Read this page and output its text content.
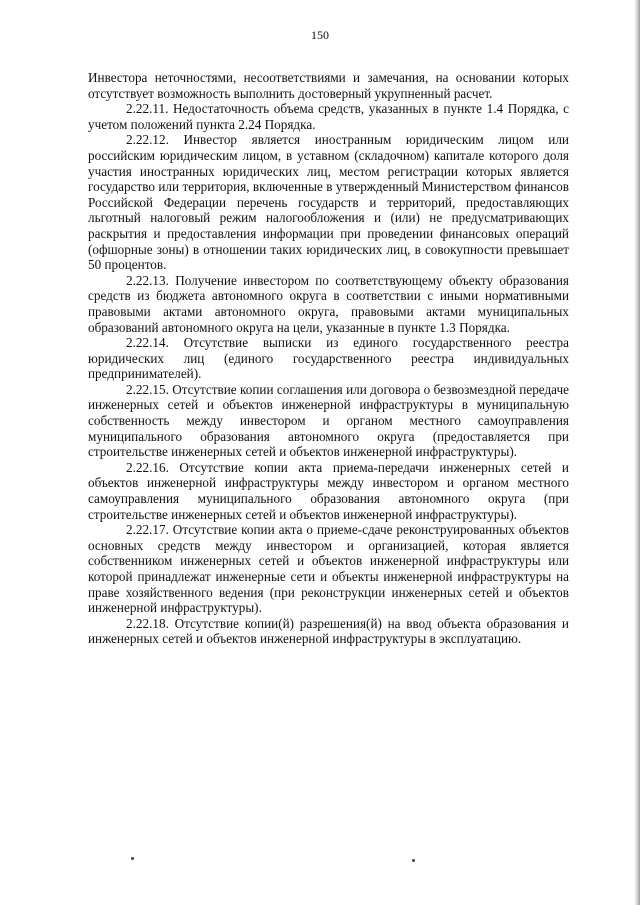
150

Инвестора неточностями, несоответствиями и замечания, на основании которых отсутствует возможность выполнить достоверный укрупненный расчет.

2.22.11. Недостаточность объема средств, указанных в пункте 1.4 Порядка, с учетом положений пункта 2.24 Порядка.

2.22.12. Инвестор является иностранным юридическим лицом или российским юридическим лицом, в уставном (складочном) капитале которого доля участия иностранных юридических лиц, местом регистрации которых является государство или территория, включенные в утвержденный Министерством финансов Российской Федерации перечень государств и территорий, предоставляющих льготный налоговый режим налогообложения и (или) не предусматривающих раскрытия и предоставления информации при проведении финансовых операций (офшорные зоны) в отношении таких юридических лиц, в совокупности превышает 50 процентов.

2.22.13. Получение инвестором по соответствующему объекту образования средств из бюджета автономного округа в соответствии с иными нормативными правовыми актами автономного округа, правовыми актами муниципальных образований автономного округа на цели, указанные в пункте 1.3 Порядка.

2.22.14. Отсутствие выписки из единого государственного реестра юридических лиц (единого государственного реестра индивидуальных предпринимателей).

2.22.15. Отсутствие копии соглашения или договора о безвозмездной передаче инженерных сетей и объектов инженерной инфраструктуры в муниципальную собственность между инвестором и органом местного самоуправления муниципального образования автономного округа (предоставляется при строительстве инженерных сетей и объектов инженерной инфраструктуры).

2.22.16. Отсутствие копии акта приема-передачи инженерных сетей и объектов инженерной инфраструктуры между инвестором и органом местного самоуправления муниципального образования автономного округа (при строительстве инженерных сетей и объектов инженерной инфраструктуры).

2.22.17. Отсутствие копии акта о приеме-сдаче реконструированных объектов основных средств между инвестором и организацией, которая является собственником инженерных сетей и объектов инженерной инфраструктуры или которой принадлежат инженерные сети и объекты инженерной инфраструктуры на праве хозяйственного ведения (при реконструкции инженерных сетей и объектов инженерной инфраструктуры).

2.22.18. Отсутствие копии(й) разрешения(й) на ввод объекта образования и инженерных сетей и объектов инженерной инфраструктуры в эксплуатацию.
